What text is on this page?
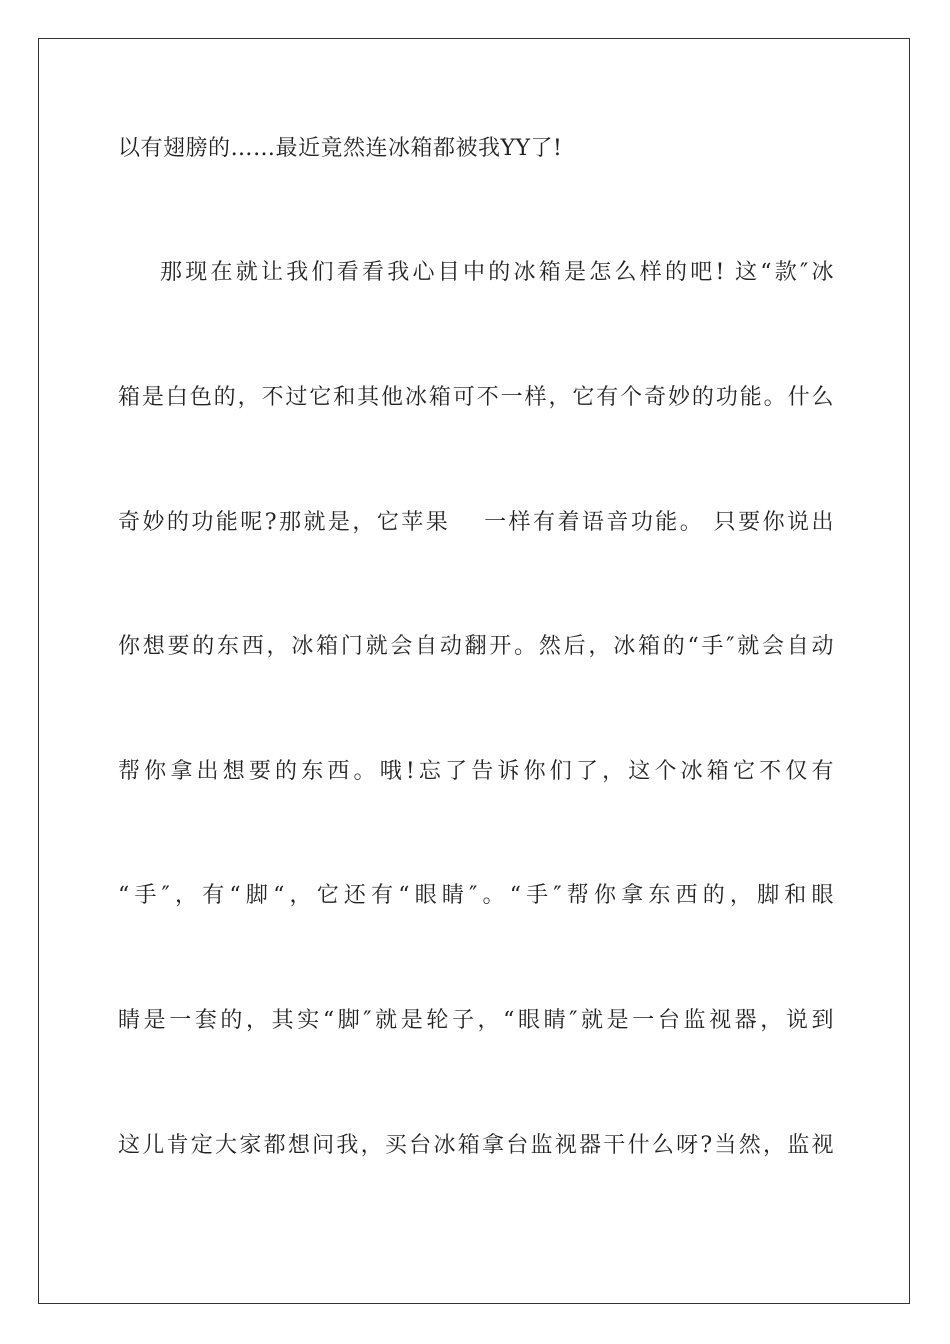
以有翅膀的……最近竟然连冰箱都被我YY了!
那现在就让我们看看我心目中的冰箱是怎么样的吧! 这“款″冰
箱是白色的，不过它和其他冰箱可不一样，它有个奇妙的功能。什么
奇妙的功能呢?那就是，它苹果　 一样有着语音功能。 只要你说出
你想要的东西，冰箱门就会自动翻开。然后，冰箱的“手″就会自动
帮你拿出想要的东西。哦!忘了告诉你们了，这个冰箱它不仅有
“手″，有“脚“，它还有“眼睛″。“手″帮你拿东西的，脚和眼
睛是一套的，其实“脚″就是轮子，“眼睛″就是一台监视器，说到
这儿肯定大家都想问我，买台冰箱拿台监视器干什么呀?当然，监视
